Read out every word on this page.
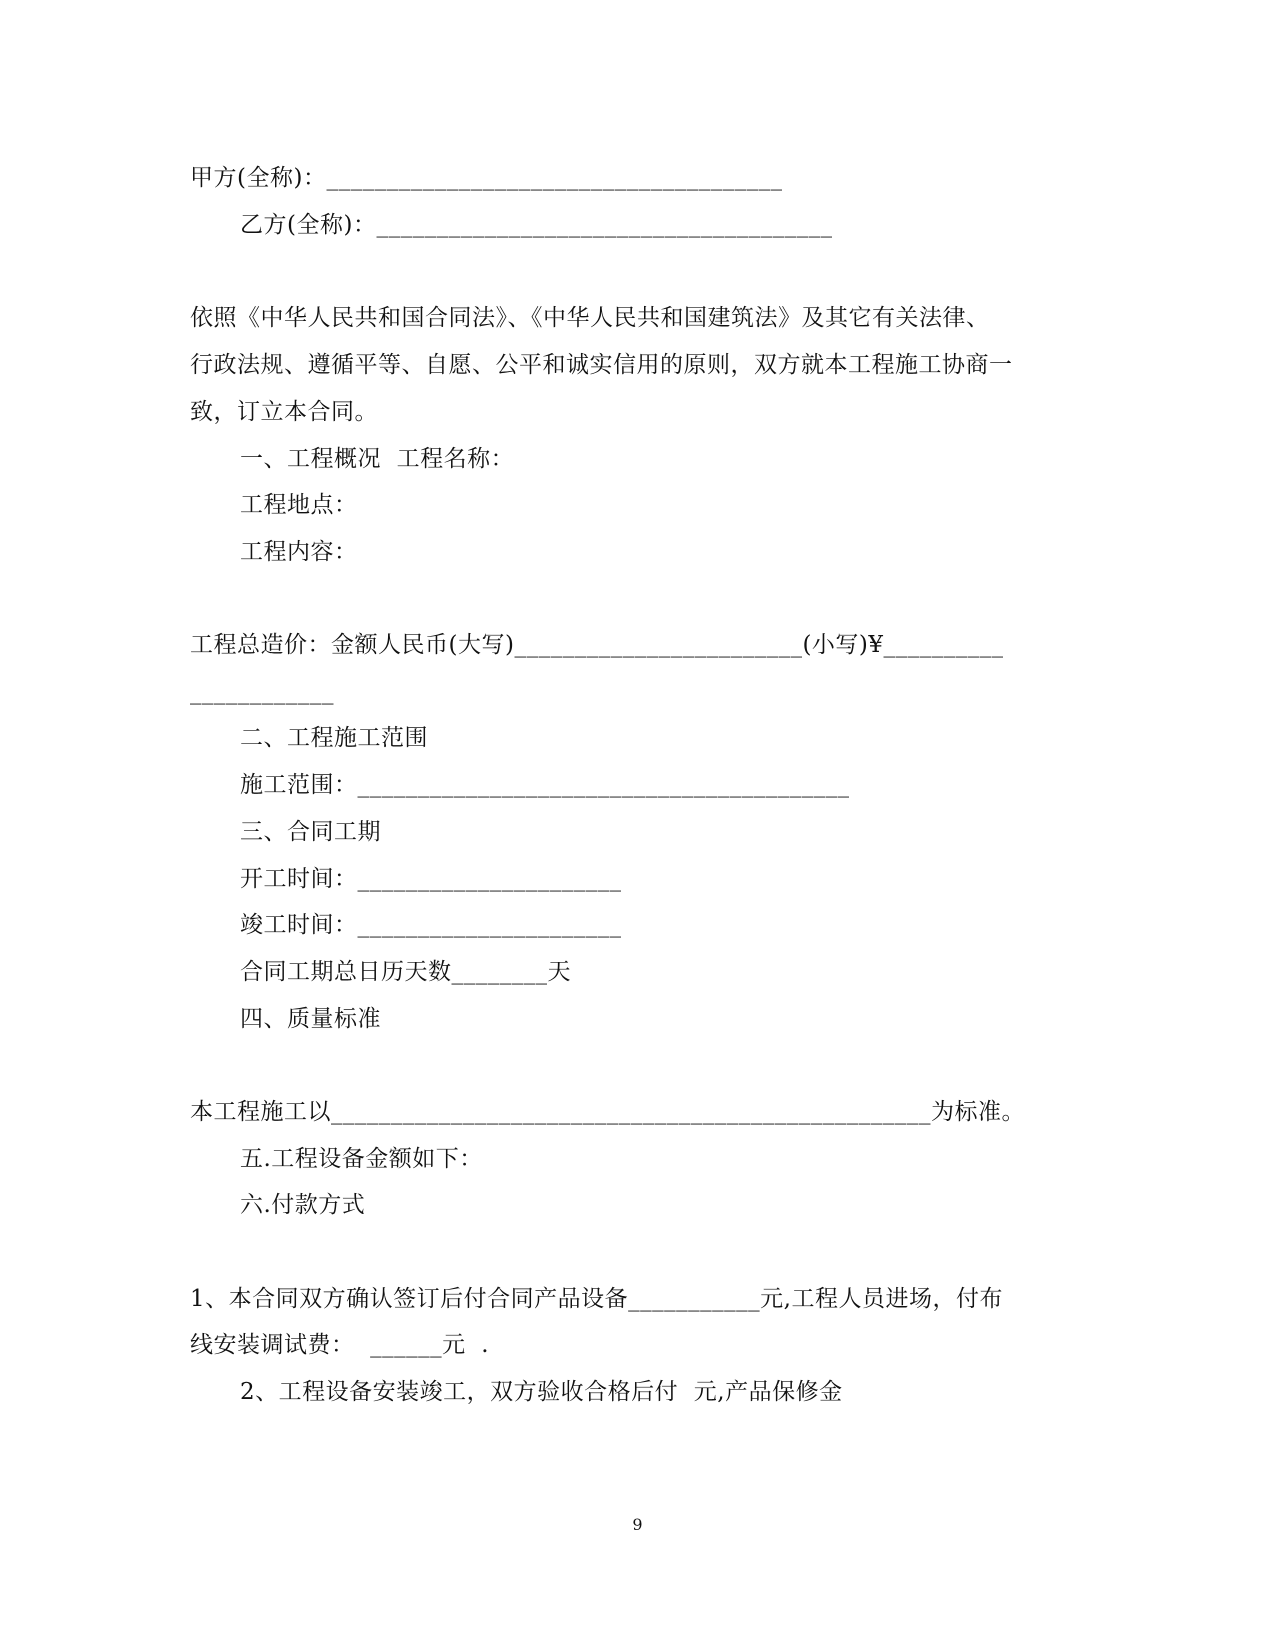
甲方(全称)：______________________________________
乙方(全称)：______________________________________
依照《中华人民共和国合同法》、《中华人民共和国建筑法》及其它有关法律、
行政法规、遵循平等、自愿、公平和诚实信用的原则，双方就本工程施工协商一
致，订立本合同。
一、工程概况  工程名称：
工程地点：
工程内容：
工程总造价：金额人民币(大写)________________________(小写)¥__________
____________
二、工程施工范围
施工范围：_________________________________________
三、合同工期
开工时间：______________________
竣工时间：______________________
合同工期总日历天数________天
四、质量标准
本工程施工以__________________________________________________为标准。
五.工程设备金额如下：
六.付款方式
1、本合同双方确认签订后付合同产品设备___________元,工程人员进场，付布
线安装调试费：  ______元  .
2、工程设备安装竣工，双方验收合格后付  元,产品保修金
9
